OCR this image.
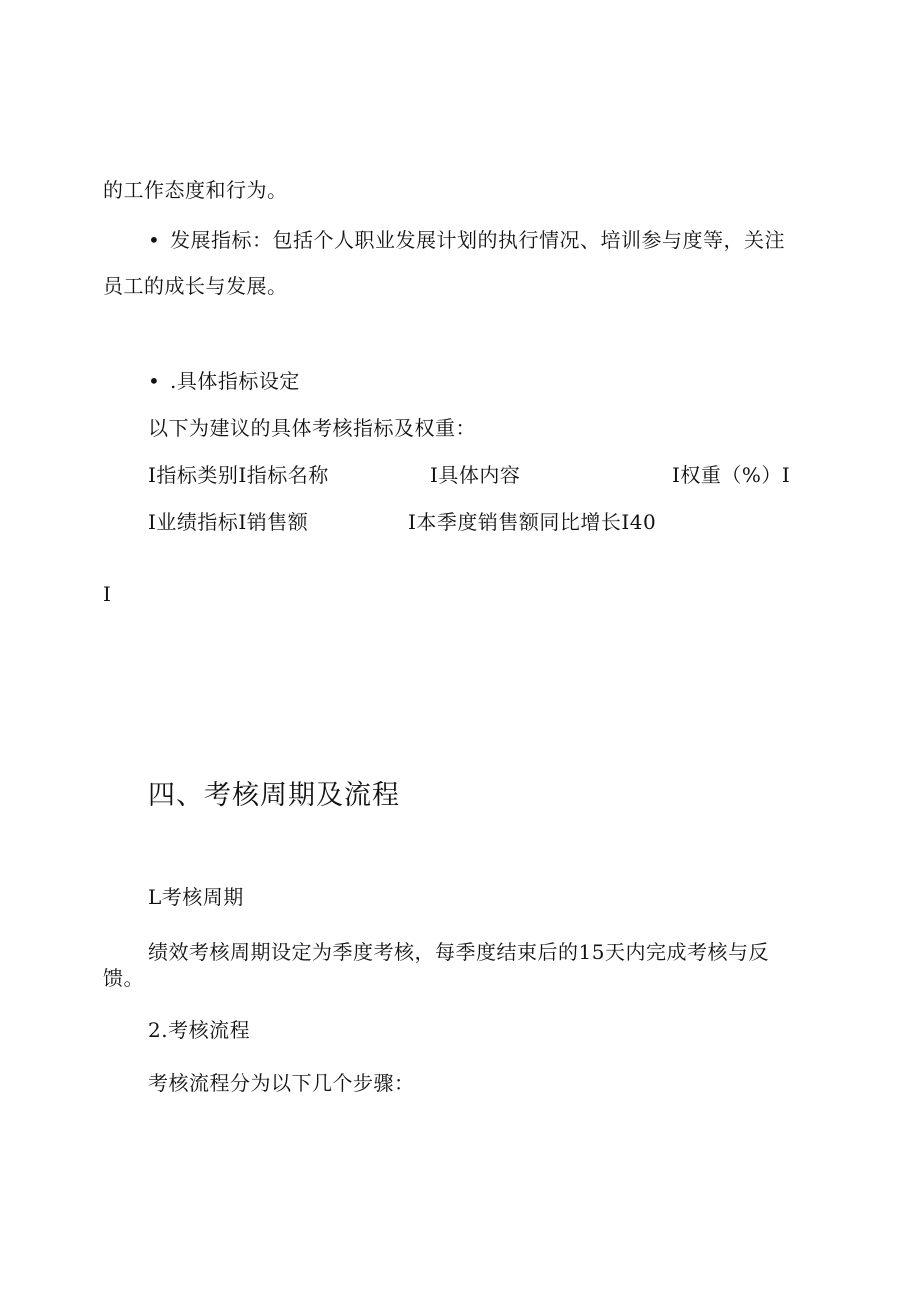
的工作态度和行为。
• 发展指标：包括个人职业发展计划的执行情况、培训参与度等，关注
员工的成长与发展。
• .具体指标设定
以下为建议的具体考核指标及权重：
I指标类别I指标名称	I具体内容	I权重（%）I
I业绩指标I销售额	I本季度销售额同比增长I40
I
四、考核周期及流程
L考核周期
绩效考核周期设定为季度考核，每季度结束后的15天内完成考核与反
馈。
2.考核流程
考核流程分为以下几个步骤：
